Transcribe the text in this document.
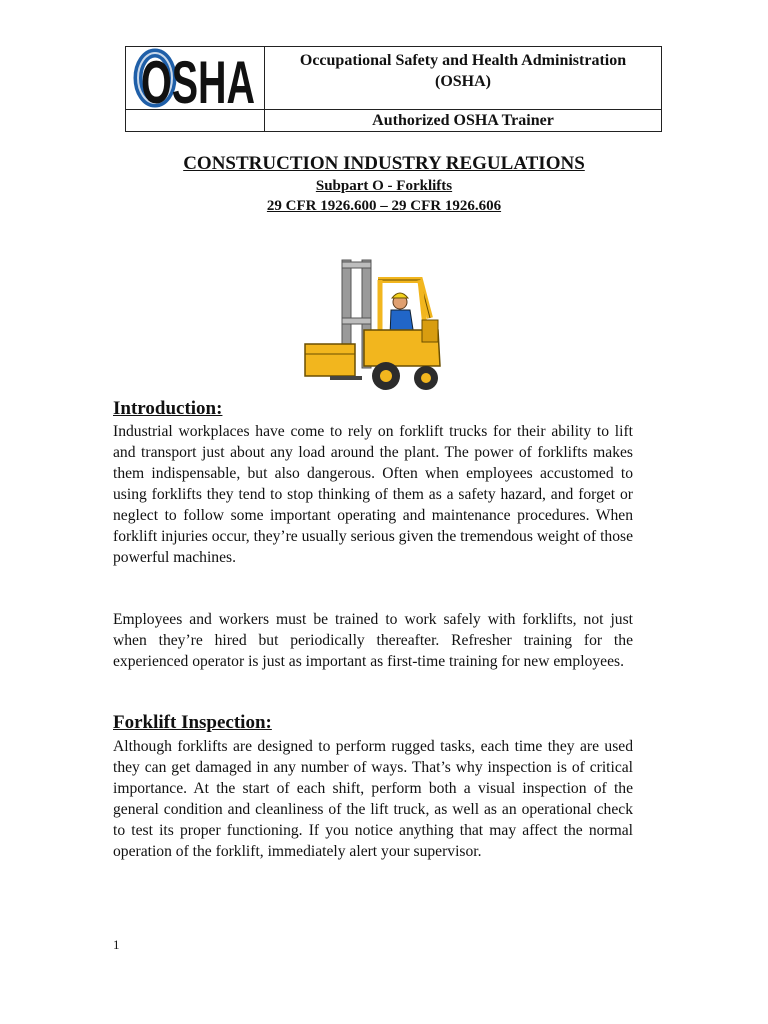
OSHA	Occupational Safety and Health Administration
(OSHA)

	Authorized OSHA Trainer
CONSTRUCTION INDUSTRY REGULATIONS
Subpart O - Forklifts
29 CFR 1926.600 – 29 CFR 1926.606
Introduction:

Industrial workplaces have come to rely on forklift trucks for their ability to lift and transport just about any load around the plant. The power of forklifts makes them indispensable, but also dangerous. Often when employees accustomed to using forklifts they tend to stop thinking of them as a safety hazard, and forget or neglect to follow some important operating and maintenance procedures. When forklift injuries occur, they’re usually serious given the tremendous weight of those powerful machines.

Employees and workers must be trained to work safely with forklifts, not just when they’re hired but periodically thereafter. Refresher training for the experienced operator is just as important as first-time training for new employees.

Forklift Inspection:

Although forklifts are designed to perform rugged tasks, each time they are used they can get damaged in any number of ways. That’s why inspection is of critical importance. At the start of each shift, perform both a visual inspection of the general condition and cleanliness of the lift truck, as well as an operational check to test its proper functioning. If you notice anything that may affect the normal operation of the forklift, immediately alert your supervisor.

1
